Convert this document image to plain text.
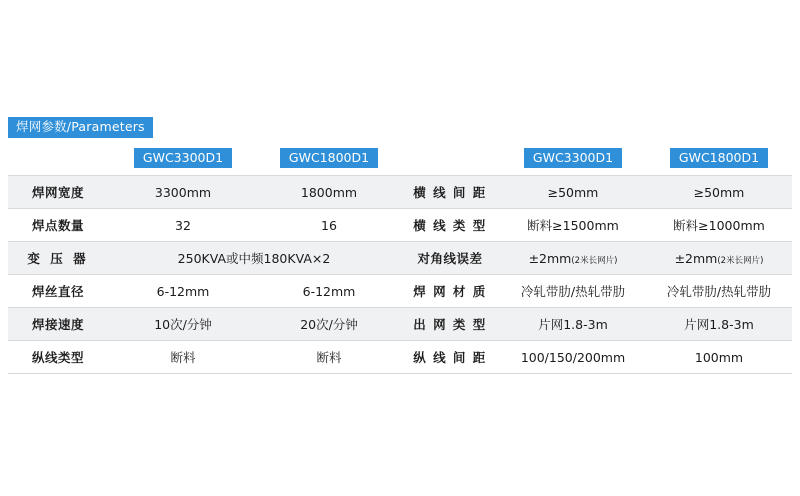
焊网参数/Parameters
	GWC3300D1	GWC1800D1		GWC3300D1	GWC1800D1
焊网宽度	3300mm	1800mm	横 线 间 距	≥50mm	≥50mm
焊点数量	32	16	横 线 类 型	断料≥1500mm	断料≥1000mm
变 压 器	250KVA或中频180KVA×2		对角线误差	±2mm(2米长网片)	±2mm(2米长网片)
焊丝直径	6-12mm	6-12mm	焊 网 材 质	冷轧带肋/热轧带肋	冷轧带肋/热轧带肋
焊接速度	10次/分钟	20次/分钟	出 网 类 型	片网1.8-3m	片网1.8-3m
纵线类型	断料	断料	纵 线 间 距	100/150/200mm	100mm
